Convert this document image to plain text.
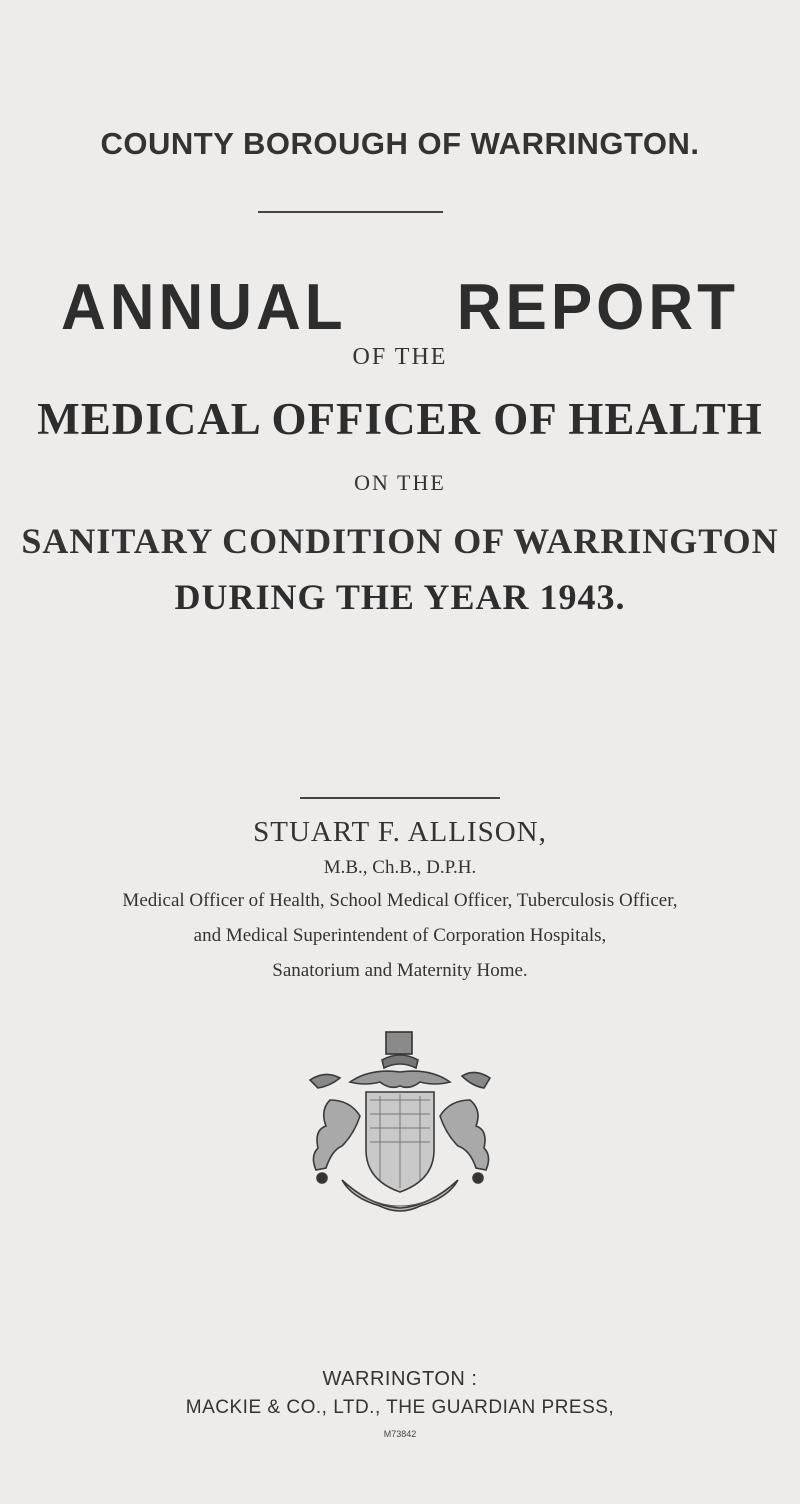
COUNTY BOROUGH OF WARRINGTON.
ANNUAL REPORT
OF THE
MEDICAL OFFICER OF HEALTH
ON THE
SANITARY CONDITION OF WARRINGTON
DURING THE YEAR 1943.
STUART F. ALLISON,
M.B., Ch.B., D.P.H.
Medical Officer of Health, School Medical Officer, Tuberculosis Officer,
and Medical Superintendent of Corporation Hospitals,
Sanatorium and Maternity Home.
WARRINGTON :
MACKIE & CO., LTD., THE GUARDIAN PRESS,
M73842
